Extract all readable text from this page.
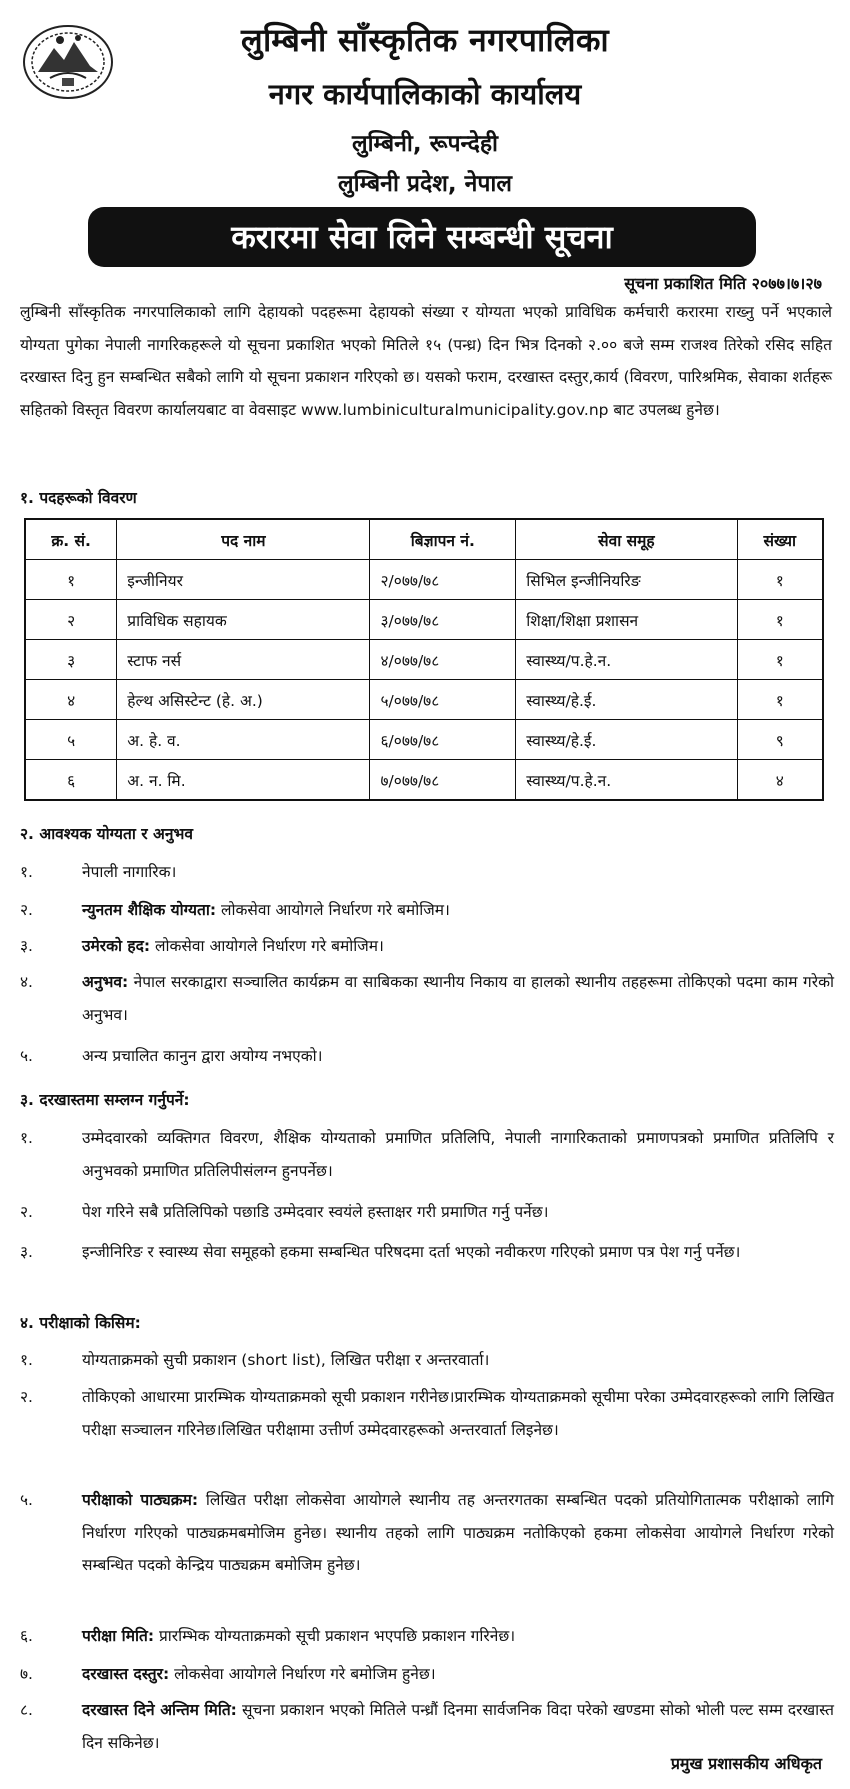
लुम्बिनी साँस्कृतिक नगरपालिका
नगर कार्यपालिकाको कार्यालय
लुम्बिनी, रूपन्देही
लुम्बिनी प्रदेश, नेपाल
करारमा सेवा लिने सम्बन्धी सूचना
सूचना प्रकाशित मिति २०७७।७।२७
लुम्बिनी साँस्कृतिक नगरपालिकाको लागि देहायको पदहरूमा देहायको संख्या र योग्यता भएको प्राविधिक कर्मचारी करारमा राख्नु पर्ने भएकाले योग्यता पुगेका नेपाली नागरिकहरूले यो सूचना प्रकाशित भएको मितिले १५ (पन्ध्र) दिन भित्र दिनको २.०० बजे सम्म राजश्व तिरेको रसिद सहित दरखास्त दिनु हुन सम्बन्धित सबैको लागि यो सूचना प्रकाशन गरिएको छ। यसको फराम, दरखास्त दस्तुर,कार्य (विवरण, पारिश्रमिक, सेवाका शर्तहरू सहितको विस्तृत विवरण कार्यालयबाट वा वेवसाइट www.lumbiniculturalmunicipality.gov.np बाट उपलब्ध हुनेछ।
१. पदहरूको विवरण
क्र. सं.	पद नाम	बिज्ञापन नं.	सेवा समूह	संख्या
१	इन्जीनियर	२/०७७/७८	सिभिल इन्जीनियरिङ	१
२	प्राविधिक सहायक	३/०७७/७८	शिक्षा/शिक्षा प्रशासन	१
३	स्टाफ नर्स	४/०७७/७८	स्वास्थ्य/प.हे.न.	१
४	हेल्थ असिस्टेन्ट (हे. अ.)	५/०७७/७८	स्वास्थ्य/हे.ई.	१
५	अ. हे. व.	६/०७७/७८	स्वास्थ्य/हे.ई.	९
६	अ. न. मि.	७/०७७/७८	स्वास्थ्य/प.हे.न.	४
२. आवश्यक योग्यता र अनुभव
१.	नेपाली नागारिक।
२.	न्युनतम शैक्षिक योग्यता: लोकसेवा आयोगले निर्धारण गरे बमोजिम।
३.	उमेरको हद: लोकसेवा आयोगले निर्धारण गरे बमोजिम।
४.	अनुभव: नेपाल सरकाद्वारा सञ्चालित कार्यक्रम वा साबिकका स्थानीय निकाय वा हालको स्थानीय तहहरूमा तोकिएको पदमा काम गरेको अनुभव।
५.	अन्य प्रचालित कानुन द्वारा अयोग्य नभएको।
३. दरखास्तमा सम्लग्न गर्नुपर्ने:
१.	उम्मेदवारको व्यक्तिगत विवरण, शैक्षिक योग्यताको प्रमाणित प्रतिलिपि, नेपाली नागारिकताको प्रमाणपत्रको प्रमाणित प्रतिलिपि र अनुभवको प्रमाणित प्रतिलिपीसंलग्न हुनपर्नेछ।
२.	पेश गरिने सबै प्रतिलिपिको पछाडि उम्मेदवार स्वयंले हस्ताक्षर गरी प्रमाणित गर्नु पर्नेछ।
३.	इन्जीनिरिङ र स्वास्थ्य सेवा समूहको हकमा सम्बन्धित परिषदमा दर्ता भएको नवीकरण गरिएको प्रमाण पत्र पेश गर्नु पर्नेछ।
४. परीक्षाको किसिम:
१.	योग्यताक्रमको सुची प्रकाशन (short list), लिखित परीक्षा र अन्तरवार्ता।
२.	तोकिएको आधारमा प्रारम्भिक योग्यताक्रमको सूची प्रकाशन गरीनेछ।प्रारम्भिक योग्यताक्रमको सूचीमा परेका उम्मेदवारहरूको लागि लिखित परीक्षा सञ्चालन गरिनेछ।लिखित परीक्षामा उत्तीर्ण उम्मेदवारहरूको अन्तरवार्ता लिइनेछ।
५.	परीक्षाको पाठ्यक्रम: लिखित परीक्षा लोकसेवा आयोगले स्थानीय तह अन्तरगतका सम्बन्धित पदको प्रतियोगितात्मक परीक्षाको लागि निर्धारण गरिएको पाठ्यक्रमबमोजिम हुनेछ। स्थानीय तहको लागि पाठ्यक्रम नतोकिएको हकमा लोकसेवा आयोगले निर्धारण गरेको सम्बन्धित पदको केन्द्रिय पाठ्यक्रम बमोजिम हुनेछ।
६.	परीक्षा मिति: प्रारम्भिक योग्यताक्रमको सूची प्रकाशन भएपछि प्रकाशन गरिनेछ।
७.	दरखास्त दस्तुर: लोकसेवा आयोगले निर्धारण गरे बमोजिम हुनेछ।
८.	दरखास्त दिने अन्तिम मिति: सूचना प्रकाशन भएको मितिले पन्ध्रौं दिनमा सार्वजनिक विदा परेको खण्डमा सोको भोली पल्ट सम्म दरखास्त दिन सकिनेछ।
प्रमुख प्रशासकीय अधिकृत
